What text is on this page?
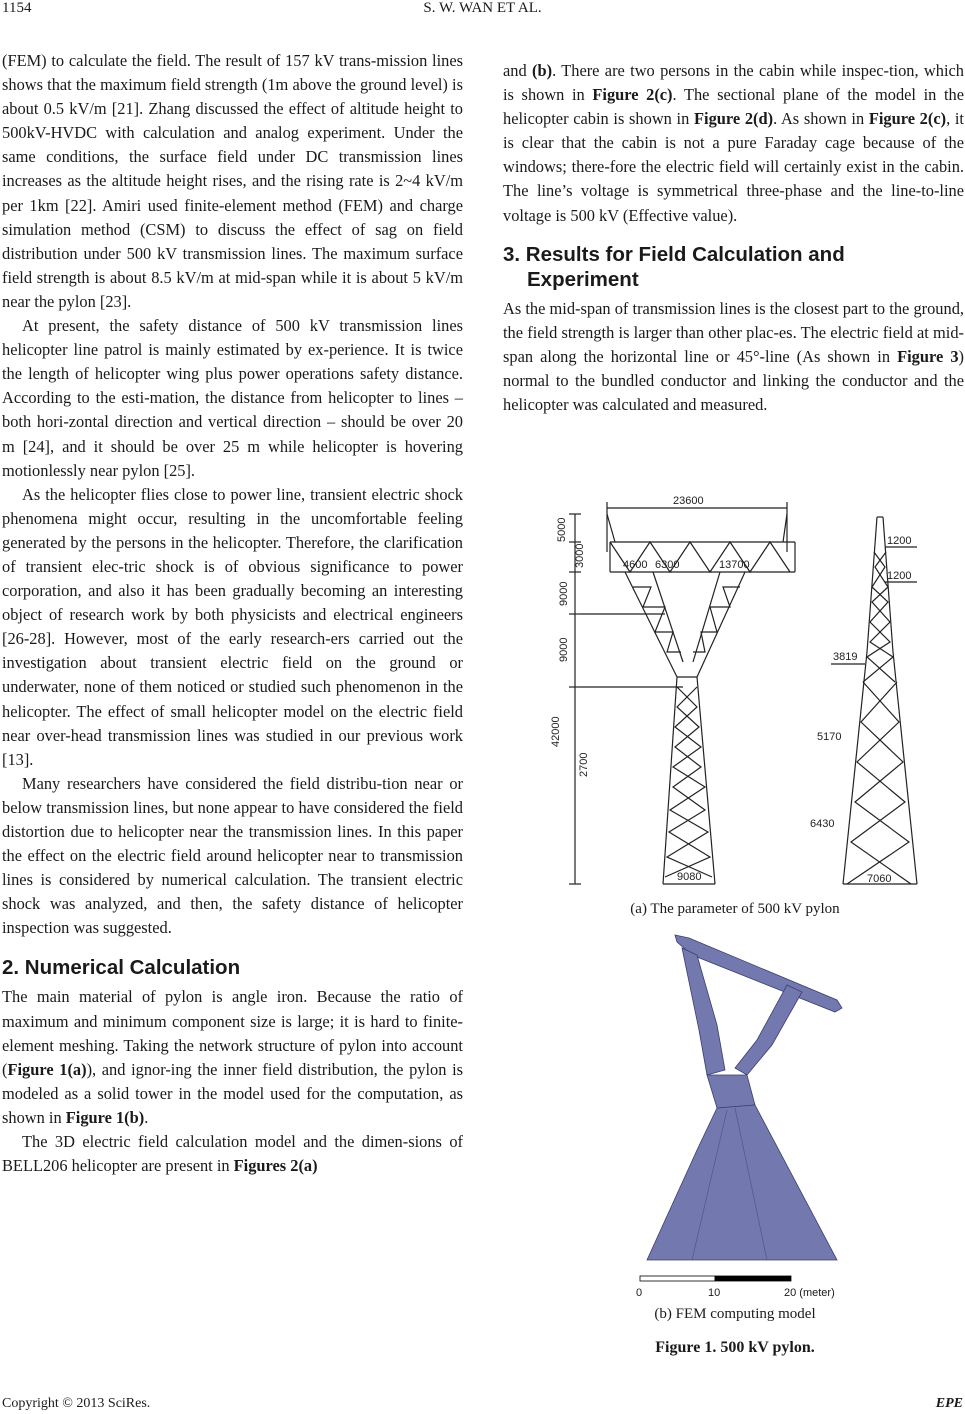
1154	S. W. WAN ET AL.

(FEM) to calculate the field. The result of 157 kV trans-mission lines shows that the maximum field strength (1m above the ground level) is about 0.5 kV/m [21]. Zhang discussed the effect of altitude height to 500kV-HVDC with calculation and analog experiment. Under the same conditions, the surface field under DC transmission lines increases as the altitude height rises, and the rising rate is 2~4 kV/m per 1km [22]. Amiri used finite-element method (FEM) and charge simulation method (CSM) to discuss the effect of sag on field distribution under 500 kV transmission lines. The maximum surface field strength is about 8.5 kV/m at mid-span while it is about 5 kV/m near the pylon [23].

At present, the safety distance of 500 kV transmission lines helicopter line patrol is mainly estimated by ex-perience. It is twice the length of helicopter wing plus power operations safety distance. According to the esti-mation, the distance from helicopter to lines – both hori-zontal direction and vertical direction – should be over 20 m [24], and it should be over 25 m while helicopter is hovering motionlessly near pylon [25].

As the helicopter flies close to power line, transient electric shock phenomena might occur, resulting in the uncomfortable feeling generated by the persons in the helicopter. Therefore, the clarification of transient elec-tric shock is of obvious significance to power corporation, and also it has been gradually becoming an interesting object of research work by both physicists and electrical engineers [26-28]. However, most of the early research-ers carried out the investigation about transient electric field on the ground or underwater, none of them noticed or studied such phenomenon in the helicopter. The effect of small helicopter model on the electric field near over-head transmission lines was studied in our previous work [13].

Many researchers have considered the field distribu-tion near or below transmission lines, but none appear to have considered the field distortion due to helicopter near the transmission lines. In this paper the effect on the electric field around helicopter near to transmission lines is considered by numerical calculation. The transient electric shock was analyzed, and then, the safety distance of helicopter inspection was suggested.

2. Numerical Calculation

The main material of pylon is angle iron. Because the ratio of maximum and minimum component size is large; it is hard to finite-element meshing. Taking the network structure of pylon into account (Figure 1(a)), and ignor-ing the inner field distribution, the pylon is modeled as a solid tower in the model used for the computation, as shown in Figure 1(b).

The 3D electric field calculation model and the dimen-sions of BELL206 helicopter are present in Figures 2(a)

and (b). There are two persons in the cabin while inspec-tion, which is shown in Figure 2(c). The sectional plane of the model in the helicopter cabin is shown in Figure 2(d). As shown in Figure 2(c), it is clear that the cabin is not a pure Faraday cage because of the windows; there-fore the electric field will certainly exist in the cabin. The line’s voltage is symmetrical three-phase and the line-to-line voltage is 500 kV (Effective value).

3. Results for Field Calculation and
Experiment

As the mid-span of transmission lines is the closest part to the ground, the field strength is larger than other plac-es. The electric field at mid-span along the horizontal line or 45°-line (As shown in Figure 3) normal to the bundled conductor and linking the conductor and the helicopter was calculated and measured.

23600
5000
3000
9000
9000
4600 6300	13700
42000
2700
9080
1200
1200
3819
5170
6430
7060
(a) The parameter of 500 kV pylon
0	10	20 (meter)
(b) FEM computing model
Figure 1. 500 kV pylon.
Copyright © 2013 SciRes.	EPE
